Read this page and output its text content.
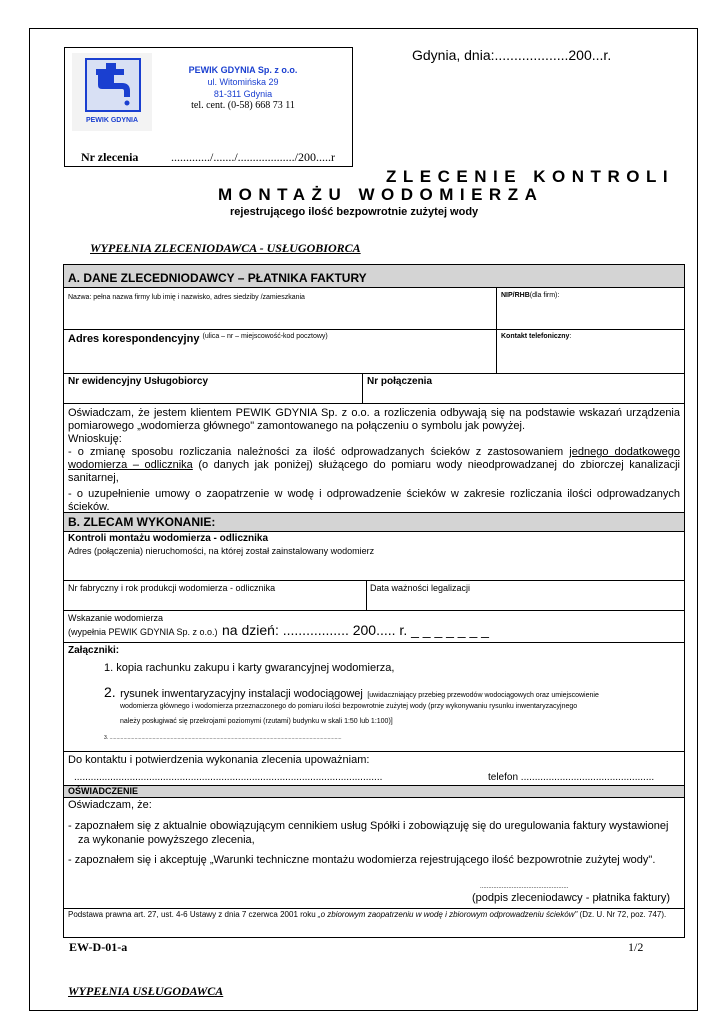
PEWIK GDYNIA
PEWIK GDYNIA Sp. z o.o.
ul. Witomińska 29
81-311 Gdynia
tel. cent. (0-58) 668 73 11
Gdynia, dnia:...................200...r.
Nr zlecenia	............./......./.................../200.....r
ZLECENIE KONTROLI
MONTAŻU WODOMIERZA
rejestrującego ilość bezpowrotnie zużytej wody
WYPEŁNIA ZLECENIODAWCA - USŁUGOBIORCA
A. DANE ZLECEDNIODAWCY – PŁATNIKA FAKTURY
Nazwa: pełna nazwa firmy lub imię i nazwisko, adres siedziby /zamieszkania	NIP/RHB(dla firm):
Adres korespondencyjny $^{(ulica - nr - miejscowość-kod pocztowy)}$	Kontakt telefoniczny:
Nr ewidencyjny Usługobiorcy	Nr połączenia
Oświadczam, że jestem klientem PEWIK GDYNIA Sp. z o.o. a rozliczenia odbywają się na podstawie wskazań urządzenia pomiarowego „wodomierza głównego" zamontowanego na połączeniu o symbolu jak powyżej.
Wnioskuję:
- o zmianę sposobu rozliczania należności za ilość odprowadzanych ścieków z zastosowaniem jednego dodatkowego wodomierza – odlicznika (o danych jak poniżej) służącego do pomiaru wody nieodprowadzanej do zbiorczej kanalizacji sanitarnej,
- o uzupełnienie umowy o zaopatrzenie w wodę i odprowadzenie ścieków w zakresie rozliczania ilości odprowadzanych ścieków.
B. ZLECAM WYKONANIE:
Kontroli montażu wodomierza - odlicznika
Adres (połączenia) nieruchomości, na której został zainstalowany wodomierz
Nr fabryczny i rok produkcji wodomierza - odlicznika	Data ważności legalizacji
Wskazanie wodomierza
(wypełnia PEWIK GDYNIA Sp. z o.o.) na dzień: ................. 200..... r. _ _ _ _ _ _ _
Załączniki:
1. kopia rachunku zakupu i karty gwarancyjnej wodomierza,
2. rysunek inwentaryzacyjny instalacji wodociągowej [uwidaczniający przebieg przewodów wodociągowych oraz umiejscowienie
wodomierza głównego i wodomierza przeznaczonego do pomiaru ilości bezpowrotnie zużytej wody (przy wykonywaniu rysunku inwentaryzacyjnego
należy posługiwać się przekrojami poziomymi (rzutami) budynku w skali 1:50 lub 1:100)]
3. .......................................................................................................................................................................
Do kontaktu i potwierdzenia wykonania zlecenia upoważniam:
...............................................................................................................	telefon ................................................
OŚWIADCZENIE
Oświadczam, że:
- zapoznałem się z aktualnie obowiązującym cennikiem usług Spółki i zobowiązuję się do uregulowania faktury wystawionej
za wykonanie powyższego zlecenia,
- zapoznałem się i akceptuję „Warunki techniczne montażu wodomierza rejestrującego ilość bezpowrotnie zużytej wody".
.....................................................
(podpis zleceniodawcy - płatnika faktury)
Podstawa prawna art. 27, ust. 4-6 Ustawy z dnia 7 czerwca 2001 roku „o zbiorowym zaopatrzeniu w wodę i zbiorowym odprowadzeniu ścieków" (Dz. U. Nr 72, poz. 747).
EW-D-01-a	1/2
WYPEŁNIA USŁUGODAWCA
